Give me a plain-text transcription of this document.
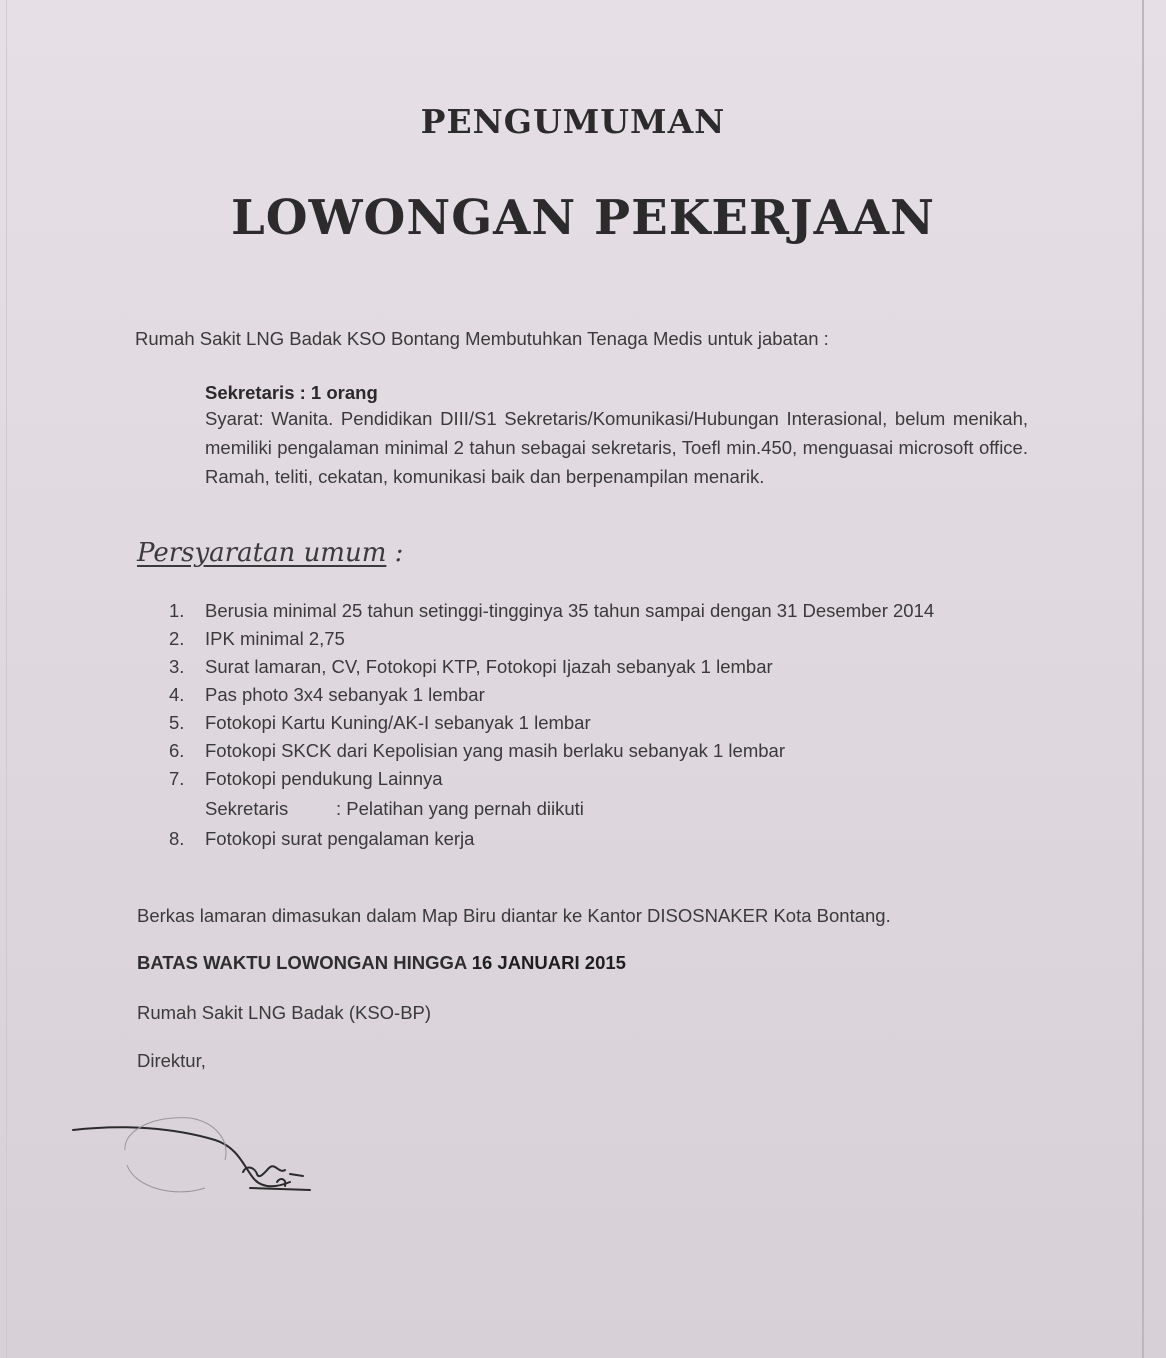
PENGUMUMAN
LOWONGAN PEKERJAAN
Rumah Sakit LNG Badak KSO Bontang Membutuhkan Tenaga Medis untuk jabatan :
Sekretaris : 1 orang
Syarat: Wanita. Pendidikan DIII/S1 Sekretaris/Komunikasi/Hubungan Interasional, belum menikah, memiliki pengalaman minimal 2 tahun sebagai sekretaris, Toefl min.450, menguasai microsoft office. Ramah, teliti, cekatan, komunikasi baik dan berpenampilan menarik.
Persyaratan umum :
1.	Berusia minimal 25 tahun setinggi-tingginya 35 tahun sampai dengan 31 Desember 2014
2.	IPK minimal 2,75
3.	Surat lamaran, CV, Fotokopi KTP, Fotokopi Ijazah sebanyak 1 lembar
4.	Pas photo 3x4 sebanyak 1 lembar
5.	Fotokopi Kartu Kuning/AK-I sebanyak 1 lembar
6.	Fotokopi SKCK dari Kepolisian yang masih berlaku sebanyak 1 lembar
7.	Fotokopi pendukung Lainnya
Sekretaris	: Pelatihan yang pernah diikuti
8.	Fotokopi surat pengalaman kerja
Berkas lamaran dimasukan dalam Map Biru diantar ke Kantor DISOSNAKER Kota Bontang.
BATAS WAKTU LOWONGAN HINGGA 16 JANUARI 2015
Rumah Sakit LNG Badak (KSO-BP)
Direktur,
